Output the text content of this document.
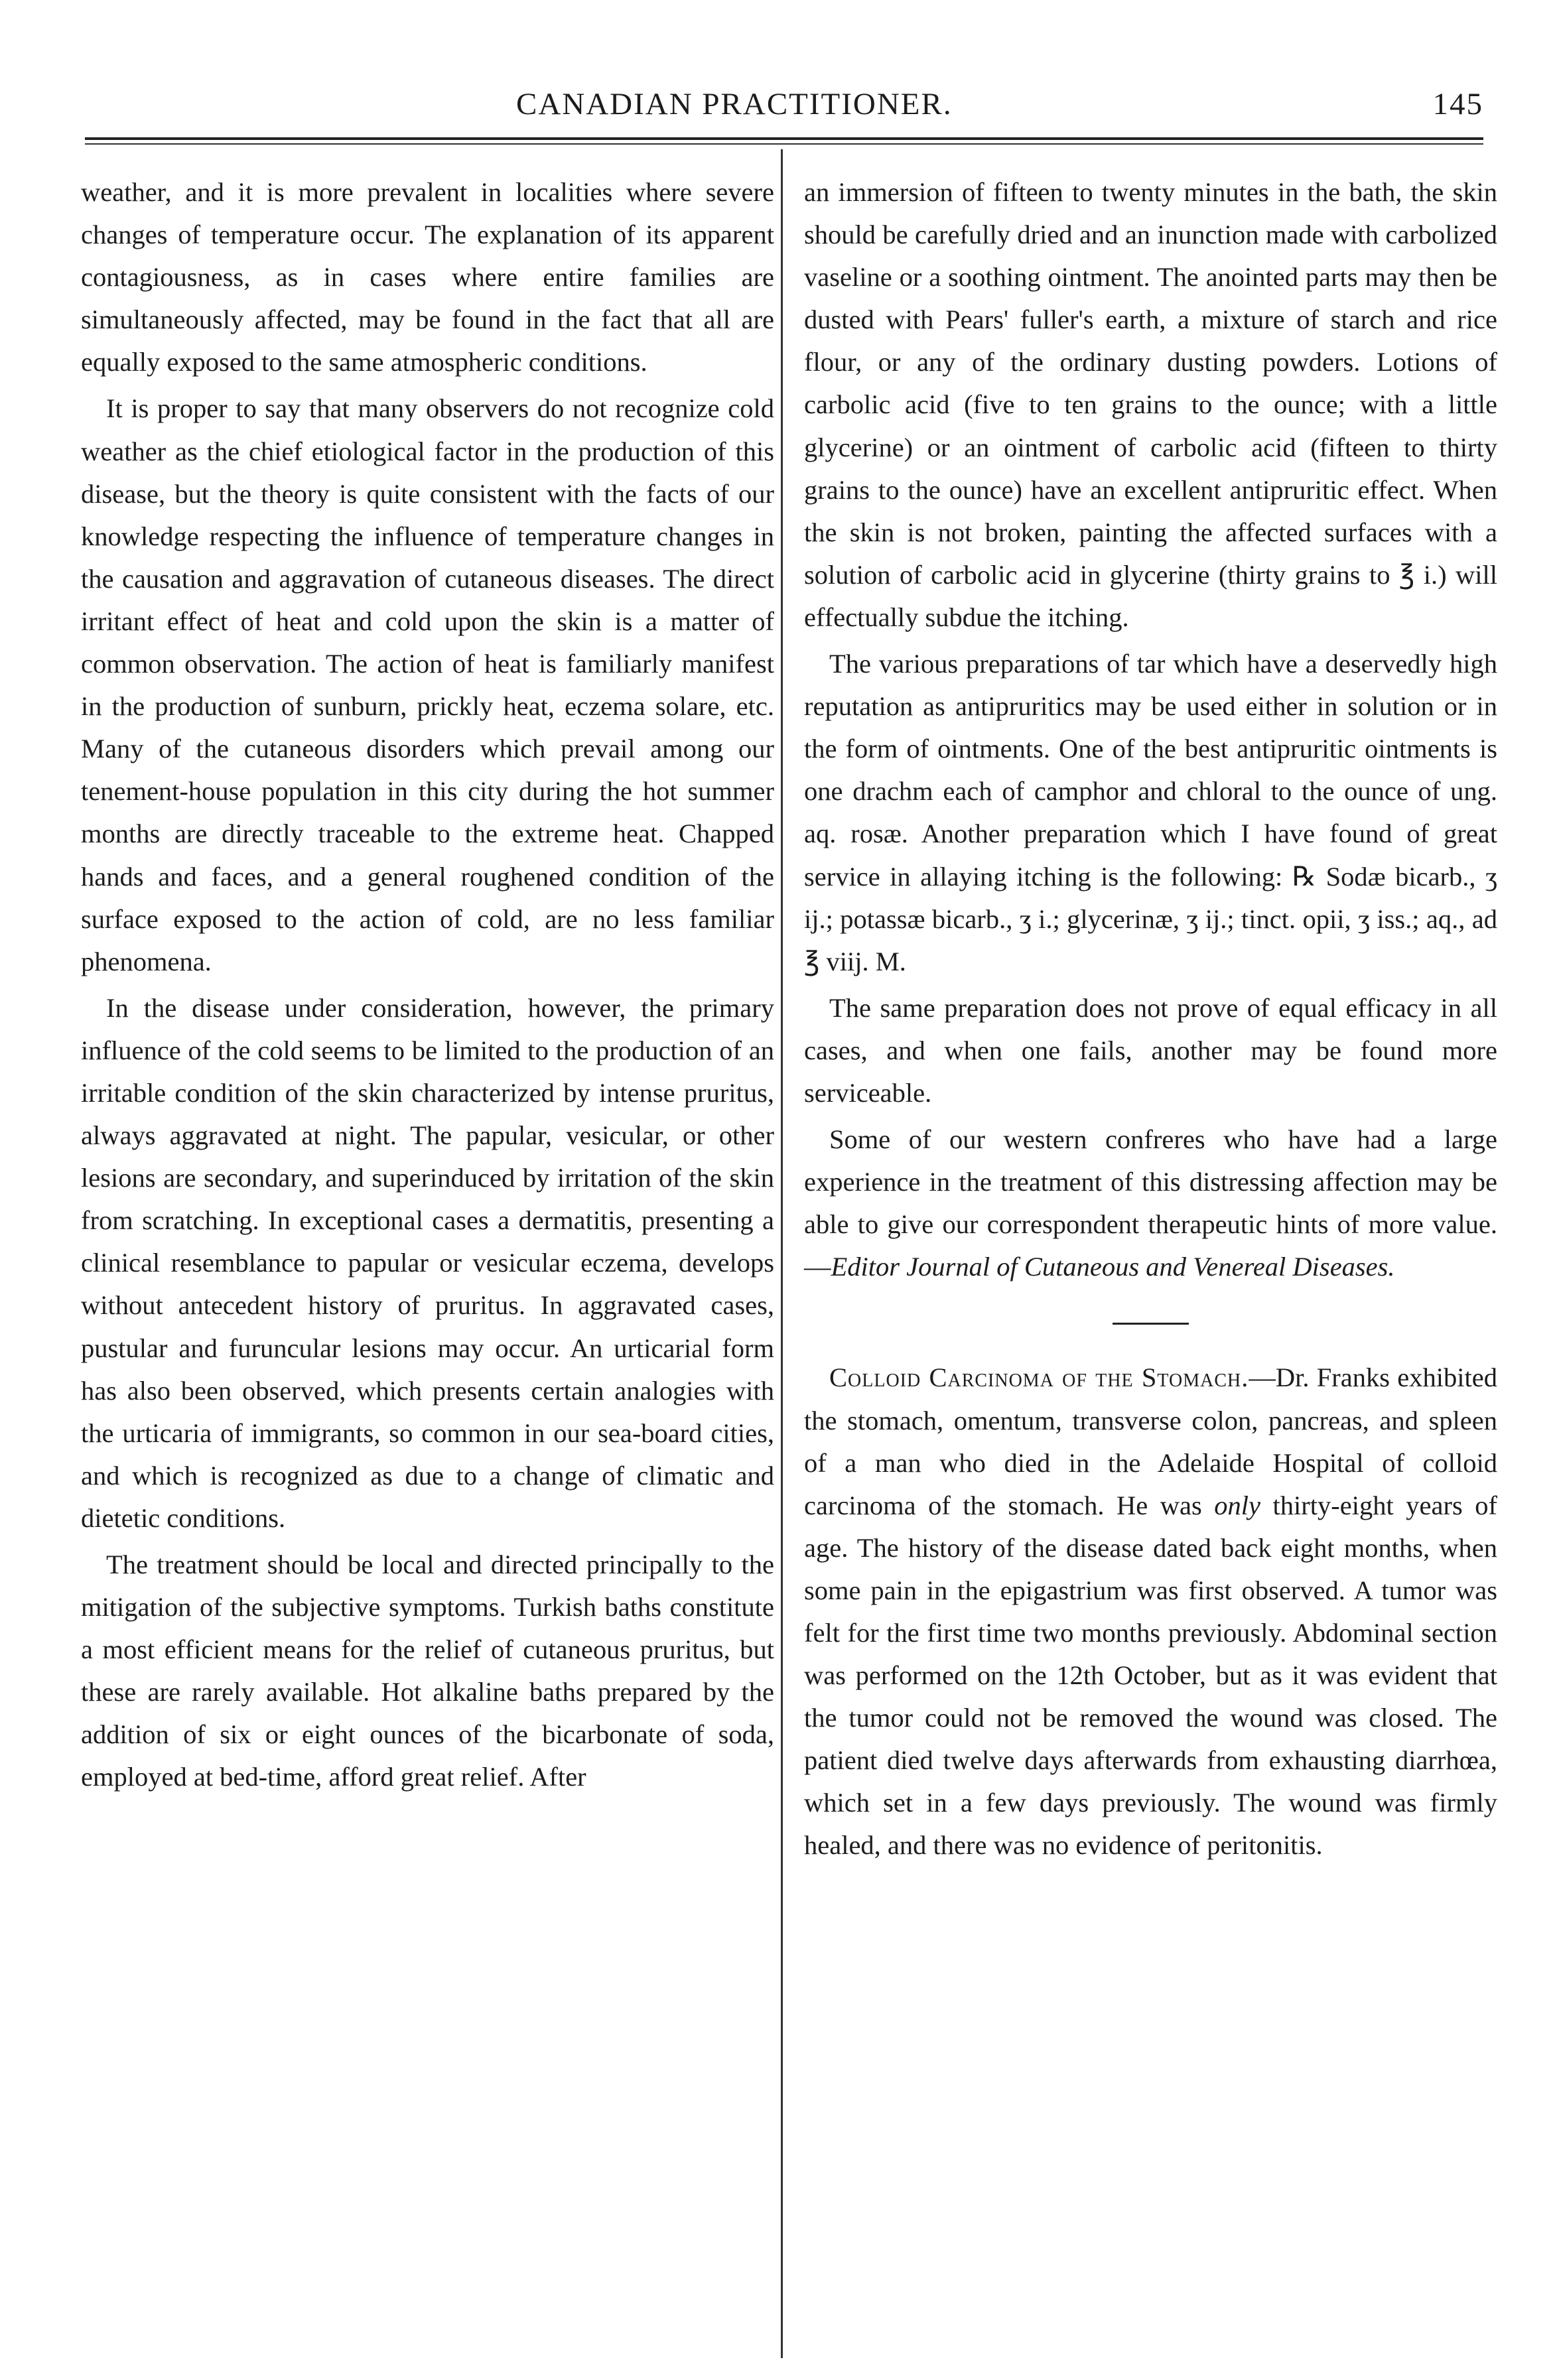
CANADIAN PRACTITIONER.	145

weather, and it is more prevalent in localities where severe changes of temperature occur. The explanation of its apparent contagiousness, as in cases where entire families are simultaneously affected, may be found in the fact that all are equally exposed to the same atmospheric conditions.

It is proper to say that many observers do not recognize cold weather as the chief etiological factor in the production of this disease, but the theory is quite consistent with the facts of our knowledge respecting the influence of temperature changes in the causation and aggravation of cutaneous diseases. The direct irritant effect of heat and cold upon the skin is a matter of common observation. The action of heat is familiarly manifest in the production of sunburn, prickly heat, eczema solare, etc. Many of the cutaneous disorders which prevail among our tenement-house population in this city during the hot summer months are directly traceable to the extreme heat. Chapped hands and faces, and a general roughened condition of the surface exposed to the action of cold, are no less familiar phenomena.

In the disease under consideration, however, the primary influence of the cold seems to be limited to the production of an irritable condition of the skin characterized by intense pruritus, always aggravated at night. The papular, vesicular, or other lesions are secondary, and superinduced by irritation of the skin from scratching. In exceptional cases a dermatitis, presenting a clinical resemblance to papular or vesicular eczema, develops without antecedent history of pruritus. In aggravated cases, pustular and furuncular lesions may occur. An urticarial form has also been observed, which presents certain analogies with the urticaria of immigrants, so common in our sea-board cities, and which is recognized as due to a change of climatic and dietetic conditions.

The treatment should be local and directed principally to the mitigation of the subjective symptoms. Turkish baths constitute a most efficient means for the relief of cutaneous pruritus, but these are rarely available. Hot alkaline baths prepared by the addition of six or eight ounces of the bicarbonate of soda, employed at bed-time, afford great relief. After

an immersion of fifteen to twenty minutes in the bath, the skin should be carefully dried and an inunction made with carbolized vaseline or a soothing ointment. The anointed parts may then be dusted with Pears' fuller's earth, a mixture of starch and rice flour, or any of the ordinary dusting powders. Lotions of carbolic acid (five to ten grains to the ounce; with a little glycerine) or an ointment of carbolic acid (fifteen to thirty grains to the ounce) have an excellent antipruritic effect. When the skin is not broken, painting the affected surfaces with a solution of carbolic acid in glycerine (thirty grains to ℥ i.) will effectually subdue the itching.

The various preparations of tar which have a deservedly high reputation as antipruritics may be used either in solution or in the form of ointments. One of the best antipruritic ointments is one drachm each of camphor and chloral to the ounce of ung. aq. rosæ. Another preparation which I have found of great service in allaying itching is the following: ℞ Sodæ bicarb., ʒ ij.; potassæ bicarb., ʒ i.; glycerinæ, ʒ ij.; tinct. opii, ʒ iss.; aq., ad ℥ viij. M.

The same preparation does not prove of equal efficacy in all cases, and when one fails, another may be found more serviceable.

Some of our western confreres who have had a large experience in the treatment of this distressing affection may be able to give our correspondent therapeutic hints of more value.—Editor Journal of Cutaneous and Venereal Diseases.

Colloid Carcinoma of the Stomach.—Dr. Franks exhibited the stomach, omentum, transverse colon, pancreas, and spleen of a man who died in the Adelaide Hospital of colloid carcinoma of the stomach. He was only thirty-eight years of age. The history of the disease dated back eight months, when some pain in the epigastrium was first observed. A tumor was felt for the first time two months previously. Abdominal section was performed on the 12th October, but as it was evident that the tumor could not be removed the wound was closed. The patient died twelve days afterwards from exhausting diarrhœa, which set in a few days previously. The wound was firmly healed, and there was no evidence of peritonitis.
